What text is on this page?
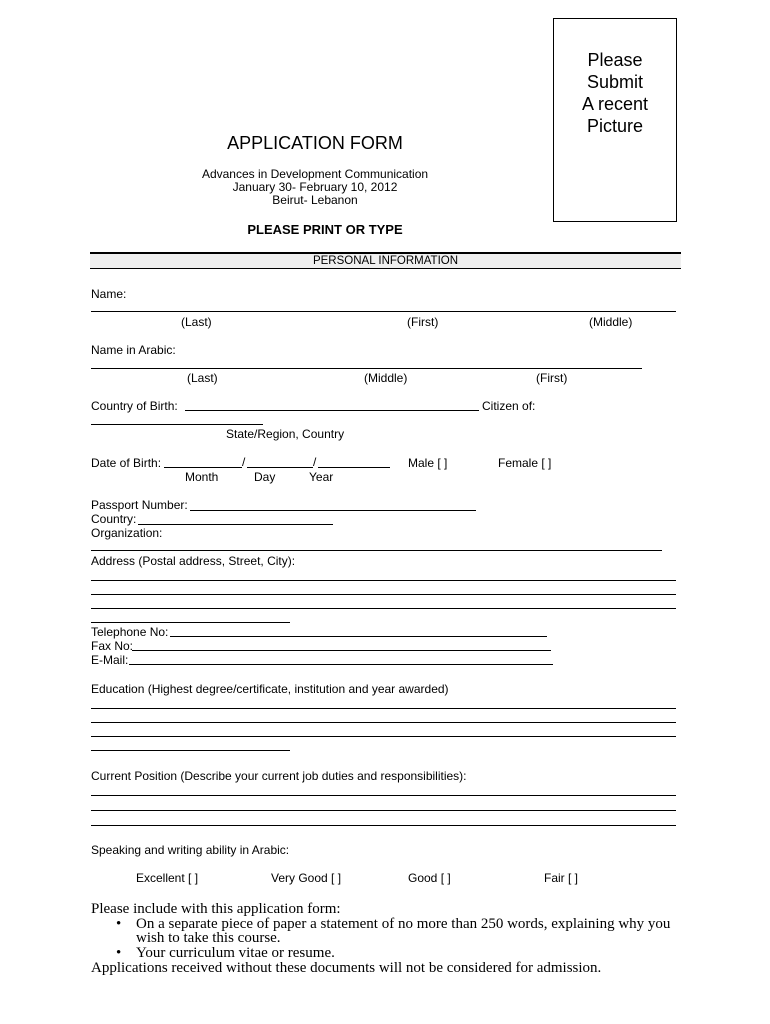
Please
Submit
A recent
Picture
APPLICATION FORM
Advances in Development Communication
January 30- February 10, 2012
Beirut- Lebanon
PLEASE PRINT OR TYPE
PERSONAL INFORMATION
Name:
(Last)	(First)	(Middle)
Name in Arabic:
(Last)	(Middle)	(First)
Country of Birth:	Citizen of:
State/Region, Country
Date of Birth:	/	/	Male [ ]	Female [ ]
Month	Day	Year
Passport Number:
Country:
Organization:
Address (Postal address, Street, City):
Telephone No:
Fax No:
E-Mail:
Education (Highest degree/certificate, institution and year awarded)
Current Position (Describe your current job duties and responsibilities):
Speaking and writing ability in Arabic:
Excellent [ ]	Very Good [ ]	Good [ ]	Fair [ ]
Please include with this application form:
• On a separate piece of paper a statement of no more than 250 words, explaining why you
wish to take this course.
• Your curriculum vitae or resume.
Applications received without these documents will not be considered for admission.
